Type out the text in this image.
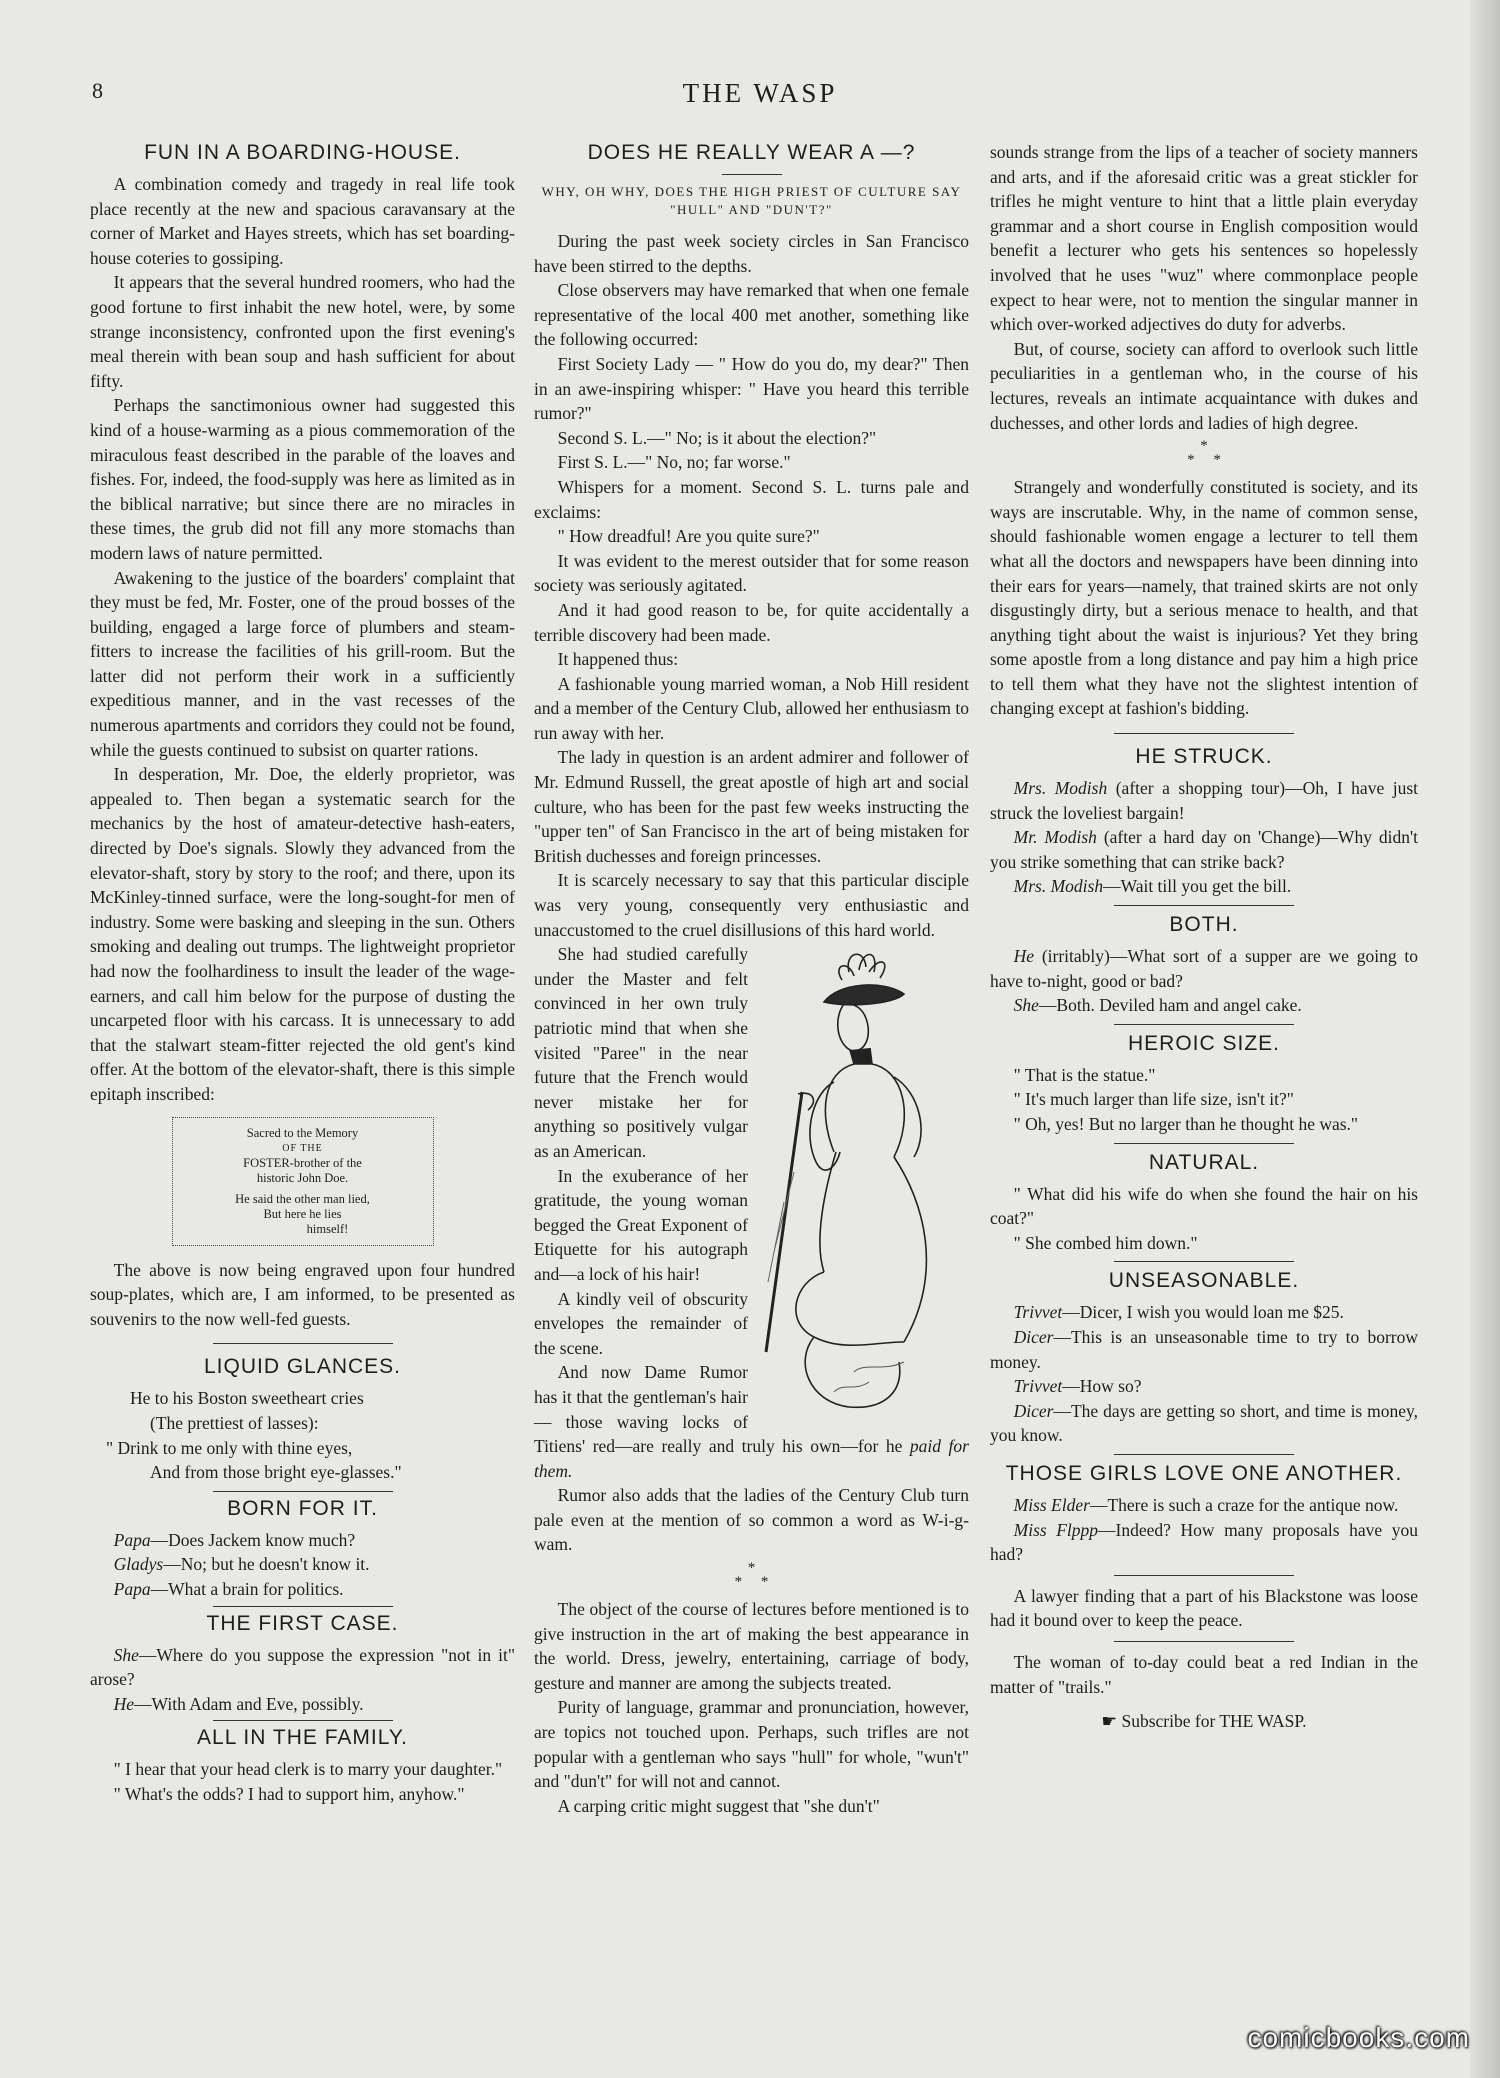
8	THE WASP
FUN IN A BOARDING-HOUSE.

A combination comedy and tragedy in real life took place recently at the new and spacious caravansary at the corner of Market and Hayes streets, which has set boarding-house coteries to gossiping.

It appears that the several hundred roomers, who had the good fortune to first inhabit the new hotel, were, by some strange inconsistency, confronted upon the first evening's meal therein with bean soup and hash sufficient for about fifty.

Perhaps the sanctimonious owner had suggested this kind of a house-warming as a pious commemoration of the miraculous feast described in the parable of the loaves and fishes. For, indeed, the food-supply was here as limited as in the biblical narrative; but since there are no miracles in these times, the grub did not fill any more stomachs than modern laws of nature permitted.

Awakening to the justice of the boarders' complaint that they must be fed, Mr. Foster, one of the proud bosses of the building, engaged a large force of plumbers and steam-fitters to increase the facilities of his grill-room. But the latter did not perform their work in a sufficiently expeditious manner, and in the vast recesses of the numerous apartments and corridors they could not be found, while the guests continued to subsist on quarter rations.

In desperation, Mr. Doe, the elderly proprietor, was appealed to. Then began a systematic search for the mechanics by the host of amateur-detective hash-eaters, directed by Doe's signals. Slowly they advanced from the elevator-shaft, story by story to the roof; and there, upon its McKinley-tinned surface, were the long-sought-for men of industry. Some were basking and sleeping in the sun. Others smoking and dealing out trumps. The lightweight proprietor had now the foolhardiness to insult the leader of the wage-earners, and call him below for the purpose of dusting the uncarpeted floor with his carcass. It is unnecessary to add that the stalwart steam-fitter rejected the old gent's kind offer. At the bottom of the elevator-shaft, there is this simple epitaph inscribed:

Sacred to the Memory
OF THE
FOSTER-brother of the
historic John Doe.
He said the other man lied,
But here he lies
himself!

The above is now being engraved upon four hundred soup-plates, which are, I am informed, to be presented as souvenirs to the now well-fed guests.

LIQUID GLANCES.

He to his Boston sweetheart cries

(The prettiest of lasses):

" Drink to me only with thine eyes,

And from those bright eye-glasses."

BORN FOR IT.

Papa—Does Jackem know much?

Gladys—No; but he doesn't know it.

Papa—What a brain for politics.

THE FIRST CASE.

She—Where do you suppose the expression "not in it" arose?

He—With Adam and Eve, possibly.

ALL IN THE FAMILY.

" I hear that your head clerk is to marry your daughter."

" What's the odds? I had to support him, anyhow."

DOES HE REALLY WEAR A —?
WHY, OH WHY, DOES THE HIGH PRIEST OF CULTURE SAY "HULL" AND "DUN'T?"

During the past week society circles in San Francisco have been stirred to the depths.

Close observers may have remarked that when one female representative of the local 400 met another, something like the following occurred:

First Society Lady — " How do you do, my dear?" Then in an awe-inspiring whisper: " Have you heard this terrible rumor?"

Second S. L.—" No; is it about the election?"

First S. L.—" No, no; far worse."

Whispers for a moment. Second S. L. turns pale and exclaims:

" How dreadful! Are you quite sure?"

It was evident to the merest outsider that for some reason society was seriously agitated.

And it had good reason to be, for quite accidentally a terrible discovery had been made.

It happened thus:

A fashionable young married woman, a Nob Hill resident and a member of the Century Club, allowed her enthusiasm to run away with her.

The lady in question is an ardent admirer and follower of Mr. Edmund Russell, the great apostle of high art and social culture, who has been for the past few weeks instructing the "upper ten" of San Francisco in the art of being mistaken for British duchesses and foreign princesses.

It is scarcely necessary to say that this particular disciple was very young, consequently very enthusiastic and unaccustomed to the cruel disillusions of this hard world.

She had studied carefully under the Master and felt convinced in her own truly patriotic mind that when she visited "Paree" in the near future that the French would never mistake her for anything so positively vulgar as an American.

In the exuberance of her gratitude, the young woman begged the Great Exponent of Etiquette for his autograph and—a lock of his hair!

A kindly veil of obscurity envelopes the remainder of the scene.

And now Dame Rumor has it that the gentleman's hair — those waving locks of Titiens' red—are really and truly his own—for he paid for them.

Rumor also adds that the ladies of the Century Club turn pale even at the mention of so common a word as W-i-g-wam.

*
*     *

The object of the course of lectures before mentioned is to give instruction in the art of making the best appearance in the world. Dress, jewelry, entertaining, carriage of body, gesture and manner are among the subjects treated.

Purity of language, grammar and pronunciation, however, are topics not touched upon. Perhaps, such trifles are not popular with a gentleman who says "hull" for whole, "wun't" and "dun't" for will not and cannot.

A carping critic might suggest that "she dun't"

sounds strange from the lips of a teacher of society manners and arts, and if the aforesaid critic was a great stickler for trifles he might venture to hint that a little plain everyday grammar and a short course in English composition would benefit a lecturer who gets his sentences so hopelessly involved that he uses "wuz" where commonplace people expect to hear were, not to mention the singular manner in which over-worked adjectives do duty for adverbs.

But, of course, society can afford to overlook such little peculiarities in a gentleman who, in the course of his lectures, reveals an intimate acquaintance with dukes and duchesses, and other lords and ladies of high degree.

*
*     *

Strangely and wonderfully constituted is society, and its ways are inscrutable. Why, in the name of common sense, should fashionable women engage a lecturer to tell them what all the doctors and newspapers have been dinning into their ears for years—namely, that trained skirts are not only disgustingly dirty, but a serious menace to health, and that anything tight about the waist is injurious? Yet they bring some apostle from a long distance and pay him a high price to tell them what they have not the slightest intention of changing except at fashion's bidding.

HE STRUCK.

Mrs. Modish (after a shopping tour)—Oh, I have just struck the loveliest bargain!

Mr. Modish (after a hard day on 'Change)—Why didn't you strike something that can strike back?

Mrs. Modish—Wait till you get the bill.

BOTH.

He (irritably)—What sort of a supper are we going to have to-night, good or bad?

She—Both. Deviled ham and angel cake.

HEROIC SIZE.

" That is the statue."

" It's much larger than life size, isn't it?"

" Oh, yes! But no larger than he thought he was."

NATURAL.

" What did his wife do when she found the hair on his coat?"

" She combed him down."

UNSEASONABLE.

Trivvet—Dicer, I wish you would loan me $25.

Dicer—This is an unseasonable time to try to borrow money.

Trivvet—How so?

Dicer—The days are getting so short, and time is money, you know.

THOSE GIRLS LOVE ONE ANOTHER.

Miss Elder—There is such a craze for the antique now.

Miss Flppp—Indeed? How many proposals have you had?

A lawyer finding that a part of his Blackstone was loose had it bound over to keep the peace.

The woman of to-day could beat a red Indian in the matter of "trails."

☛ Subscribe for THE WASP.
comicbooks.com
